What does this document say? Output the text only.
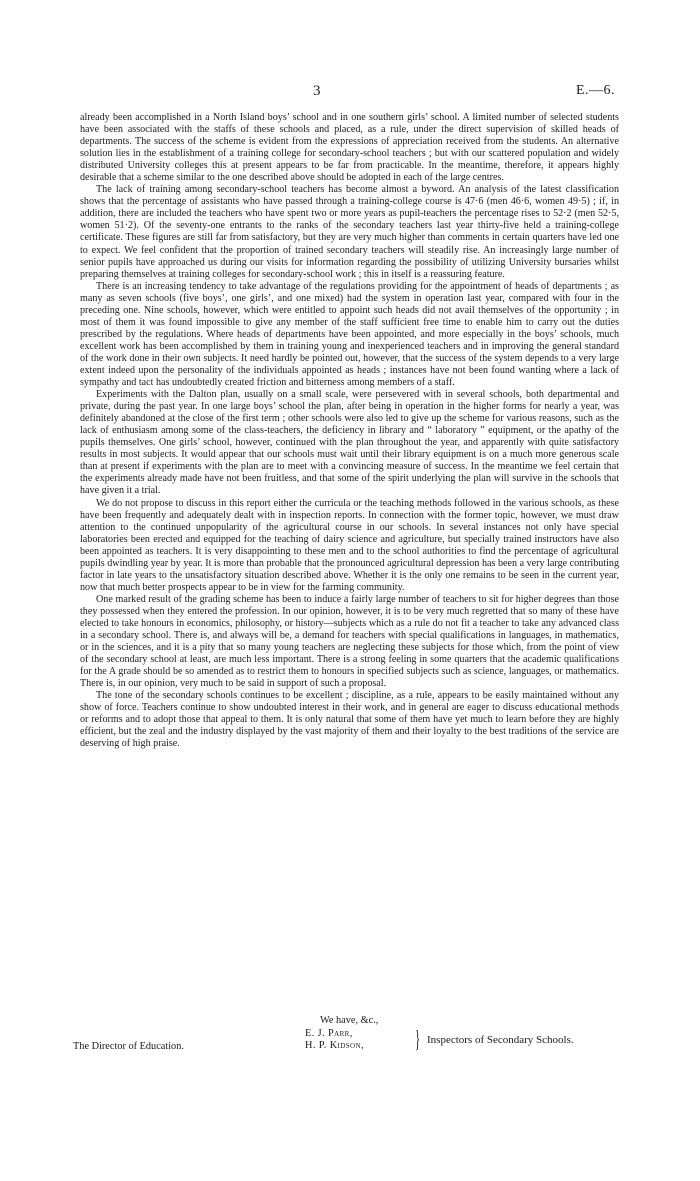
3	E.—6.

already been accomplished in a North Island boys’ school and in one southern girls’ school. A limited number of selected students have been associated with the staffs of these schools and placed, as a rule, under the direct supervision of skilled heads of departments. The success of the scheme is evident from the expressions of appreciation received from the students. An alternative solution lies in the establishment of a training college for secondary-school teachers ; but with our scattered population and widely distributed University colleges this at present appears to be far from practicable. In the meantime, therefore, it appears highly desirable that a scheme similar to the one described above should be adopted in each of the large centres.

The lack of training among secondary-school teachers has become almost a byword. An analysis of the latest classification shows that the percentage of assistants who have passed through a training-college course is 47·6 (men 46·6, women 49·5) ; if, in addition, there are included the teachers who have spent two or more years as pupil-teachers the percentage rises to 52·2 (men 52·5, women 51·2). Of the seventy-one entrants to the ranks of the secondary teachers last year thirty-five held a training-college certificate. These figures are still far from satisfactory, but they are very much higher than comments in certain quarters have led one to expect. We feel confident that the proportion of trained secondary teachers will steadily rise. An increasingly large number of senior pupils have approached us during our visits for information regarding the possibility of utilizing University bursaries whilst preparing themselves at training colleges for secondary-school work ; this in itself is a reassuring feature.

There is an increasing tendency to take advantage of the regulations providing for the appointment of heads of departments ; as many as seven schools (five boys’, one girls’, and one mixed) had the system in operation last year, compared with four in the preceding one. Nine schools, however, which were entitled to appoint such heads did not avail themselves of the opportunity ; in most of them it was found impossible to give any member of the staff sufficient free time to enable him to carry out the duties prescribed by the regulations. Where heads of departments have been appointed, and more especially in the boys’ schools, much excellent work has been accomplished by them in training young and inexperienced teachers and in improving the general standard of the work done in their own subjects. It need hardly be pointed out, however, that the success of the system depends to a very large extent indeed upon the personality of the individuals appointed as heads ; instances have not been found wanting where a lack of sympathy and tact has undoubtedly created friction and bitterness among members of a staff.

Experiments with the Dalton plan, usually on a small scale, were persevered with in several schools, both departmental and private, during the past year. In one large boys’ school the plan, after being in operation in the higher forms for nearly a year, was definitely abandoned at the close of the first term ; other schools were also led to give up the scheme for various reasons, such as the lack of enthusiasm among some of the class-teachers, the deficiency in library and “ laboratory ” equipment, or the apathy of the pupils themselves. One girls’ school, however, continued with the plan throughout the year, and apparently with quite satisfactory results in most subjects. It would appear that our schools must wait until their library equipment is on a much more generous scale than at present if experiments with the plan are to meet with a convincing measure of success. In the meantime we feel certain that the experiments already made have not been fruitless, and that some of the spirit underlying the plan will survive in the schools that have given it a trial.

We do not propose to discuss in this report either the curricula or the teaching methods followed in the various schools, as these have been frequently and adequately dealt with in inspection reports. In connection with the former topic, however, we must draw attention to the continued unpopularity of the agricultural course in our schools. In several instances not only have special laboratories been erected and equipped for the teaching of dairy science and agriculture, but specially trained instructors have also been appointed as teachers. It is very disappointing to these men and to the school authorities to find the percentage of agricultural pupils dwindling year by year. It is more than probable that the pronounced agricultural depression has been a very large contributing factor in late years to the unsatisfactory situation described above. Whether it is the only one remains to be seen in the current year, now that much better prospects appear to be in view for the farming community.

One marked result of the grading scheme has been to induce a fairly large number of teachers to sit for higher degrees than those they possessed when they entered the profession. In our opinion, however, it is to be very much regretted that so many of these have elected to take honours in economics, philosophy, or history—subjects which as a rule do not fit a teacher to take any advanced class in a secondary school. There is, and always will be, a demand for teachers with special qualifications in languages, in mathematics, or in the sciences, and it is a pity that so many young teachers are neglecting these subjects for those which, from the point of view of the secondary school at least, are much less important. There is a strong feeling in some quarters that the academic qualifications for the A grade should be so amended as to restrict them to honours in specified subjects such as science, languages, or mathematics. There is, in our opinion, very much to be said in support of such a proposal.

The tone of the secondary schools continues to be excellent ; discipline, as a rule, appears to be easily maintained without any show of force. Teachers continue to show undoubted interest in their work, and in general are eager to discuss educational methods or reforms and to adopt those that appeal to them. It is only natural that some of them have yet much to learn before they are highly efficient, but the zeal and the industry displayed by the vast majority of them and their loyalty to the best traditions of the service are deserving of high praise.

We have, &c.,
The Director of Education.
E. J. Parr,
H. P. Kidson, } Inspectors of Secondary Schools.
